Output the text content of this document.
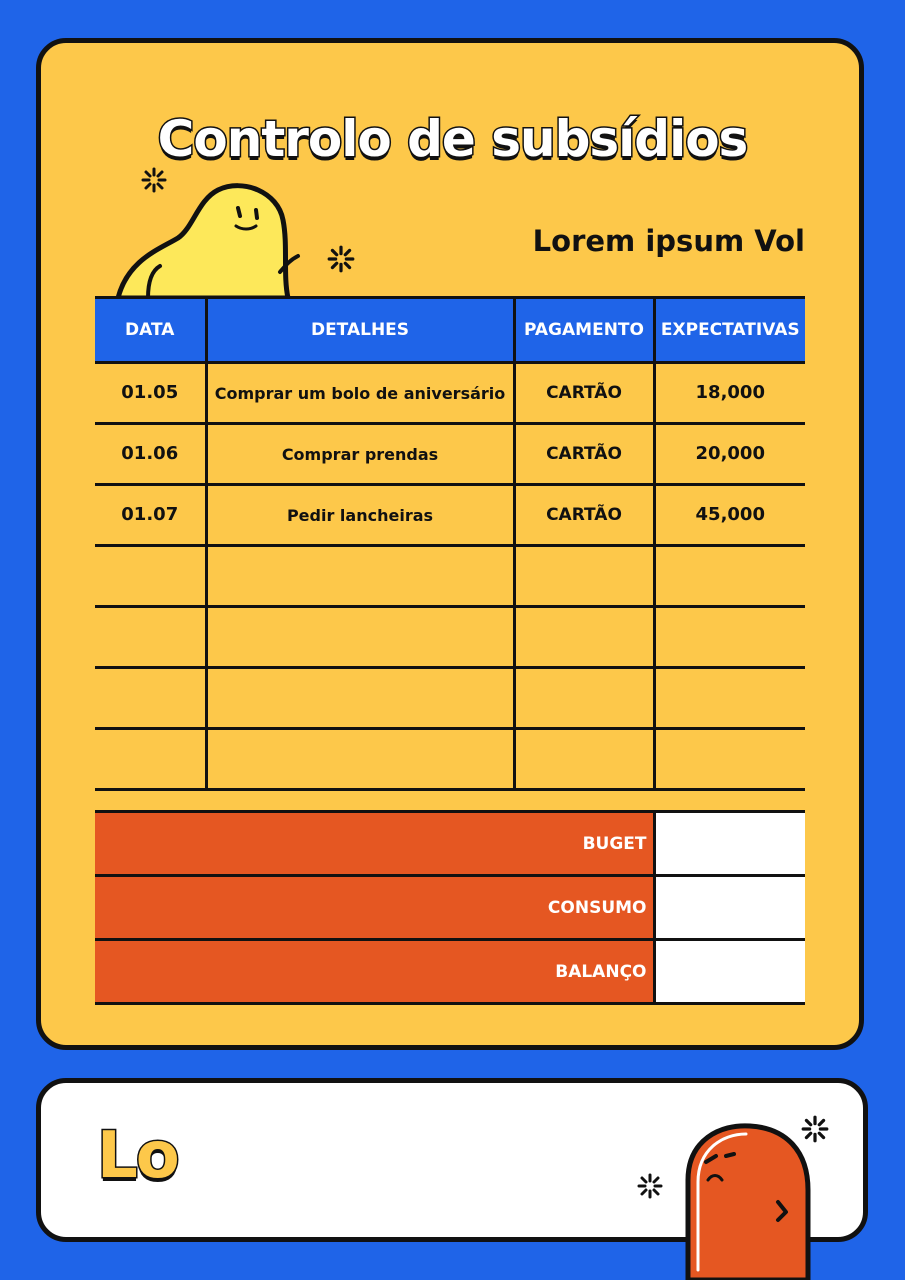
Controlo de subsídios
Lorem ipsum Vol
DATA	DETALHES	PAGAMENTO	EXPECTATIVAS
01.05	Comprar um bolo de aniversário	CARTÃO	18,000
01.06	Comprar prendas	CARTÃO	20,000
01.07	Pedir lancheiras	CARTÃO	45,000

BUGET	
CONSUMO	
BALANÇO	
Lo
